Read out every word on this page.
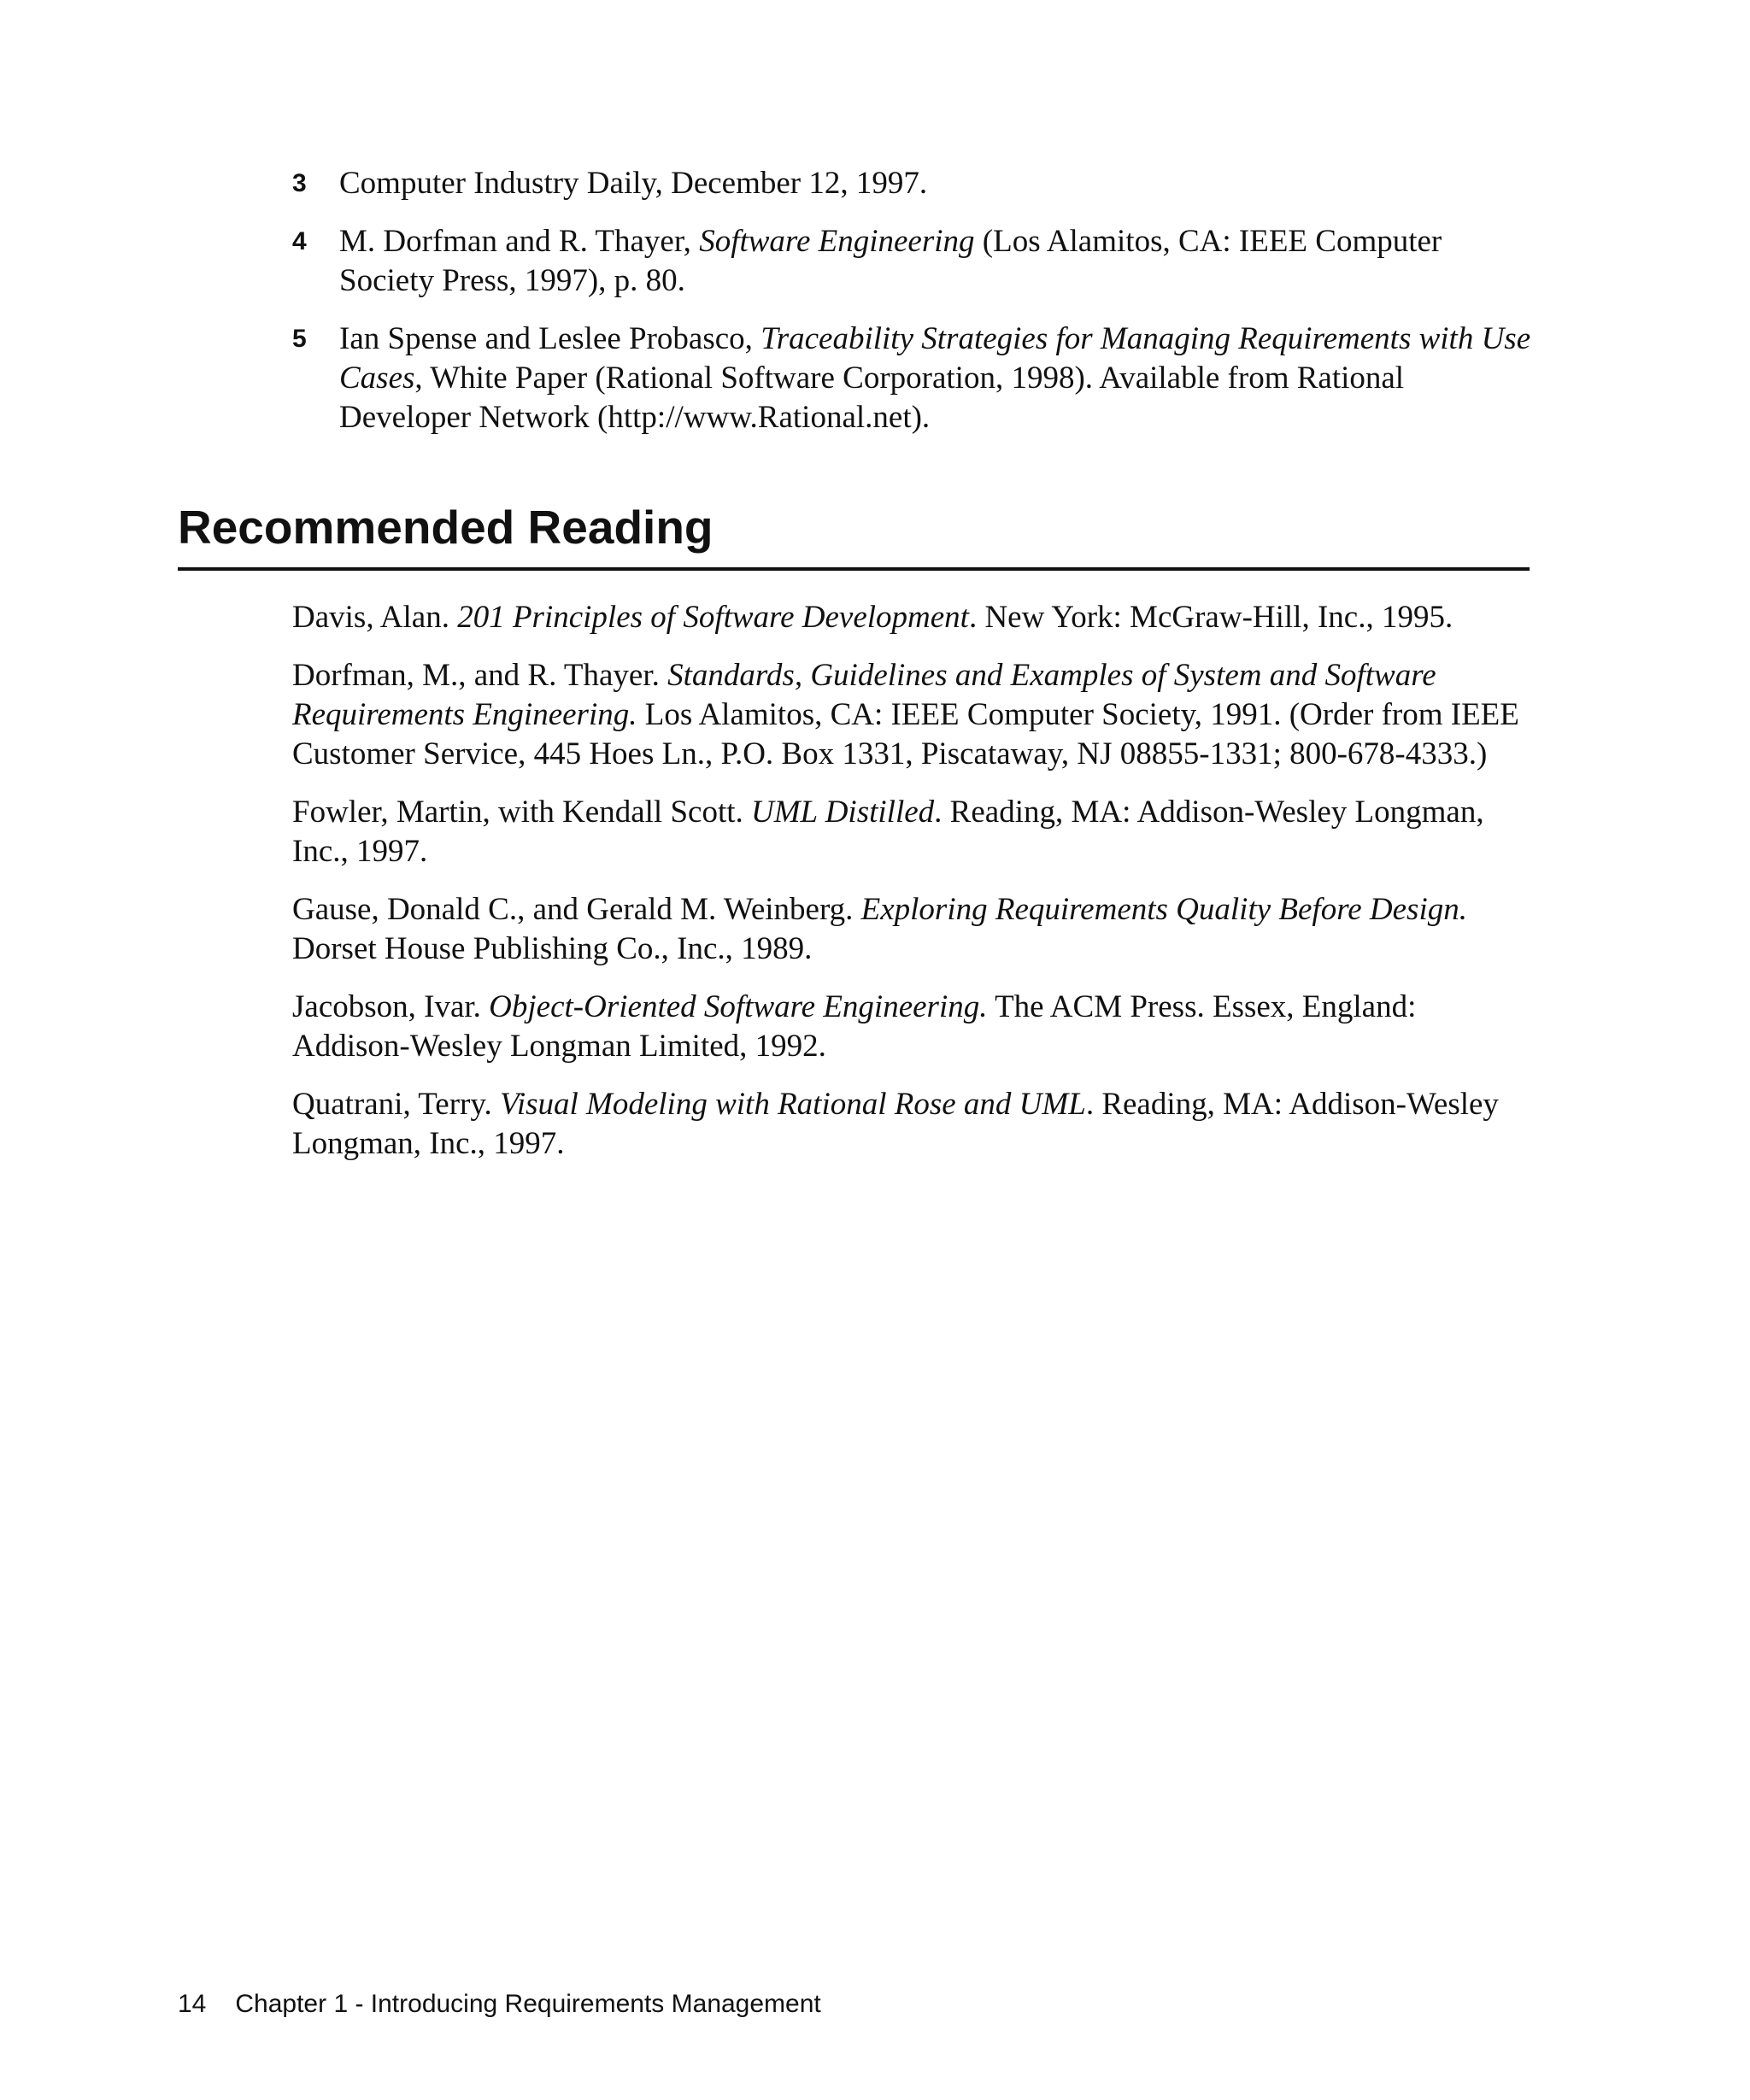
3 Computer Industry Daily, December 12, 1997.
4 M. Dorfman and R. Thayer, Software Engineering (Los Alamitos, CA: IEEE Computer Society Press, 1997), p. 80.
5 Ian Spense and Leslee Probasco, Traceability Strategies for Managing Requirements with Use Cases, White Paper (Rational Software Corporation, 1998). Available from Rational Developer Network (http://www.Rational.net).
Recommended Reading
Davis, Alan. 201 Principles of Software Development. New York: McGraw-Hill, Inc., 1995.
Dorfman, M., and R. Thayer. Standards, Guidelines and Examples of System and Software Requirements Engineering. Los Alamitos, CA: IEEE Computer Society, 1991. (Order from IEEE Customer Service, 445 Hoes Ln., P.O. Box 1331, Piscataway, NJ 08855-1331; 800-678-4333.)
Fowler, Martin, with Kendall Scott. UML Distilled. Reading, MA: Addison-Wesley Longman, Inc., 1997.
Gause, Donald C., and Gerald M. Weinberg. Exploring Requirements Quality Before Design. Dorset House Publishing Co., Inc., 1989.
Jacobson, Ivar. Object-Oriented Software Engineering. The ACM Press. Essex, England: Addison-Wesley Longman Limited, 1992.
Quatrani, Terry. Visual Modeling with Rational Rose and UML. Reading, MA: Addison-Wesley Longman, Inc., 1997.
14 Chapter 1 - Introducing Requirements Management
